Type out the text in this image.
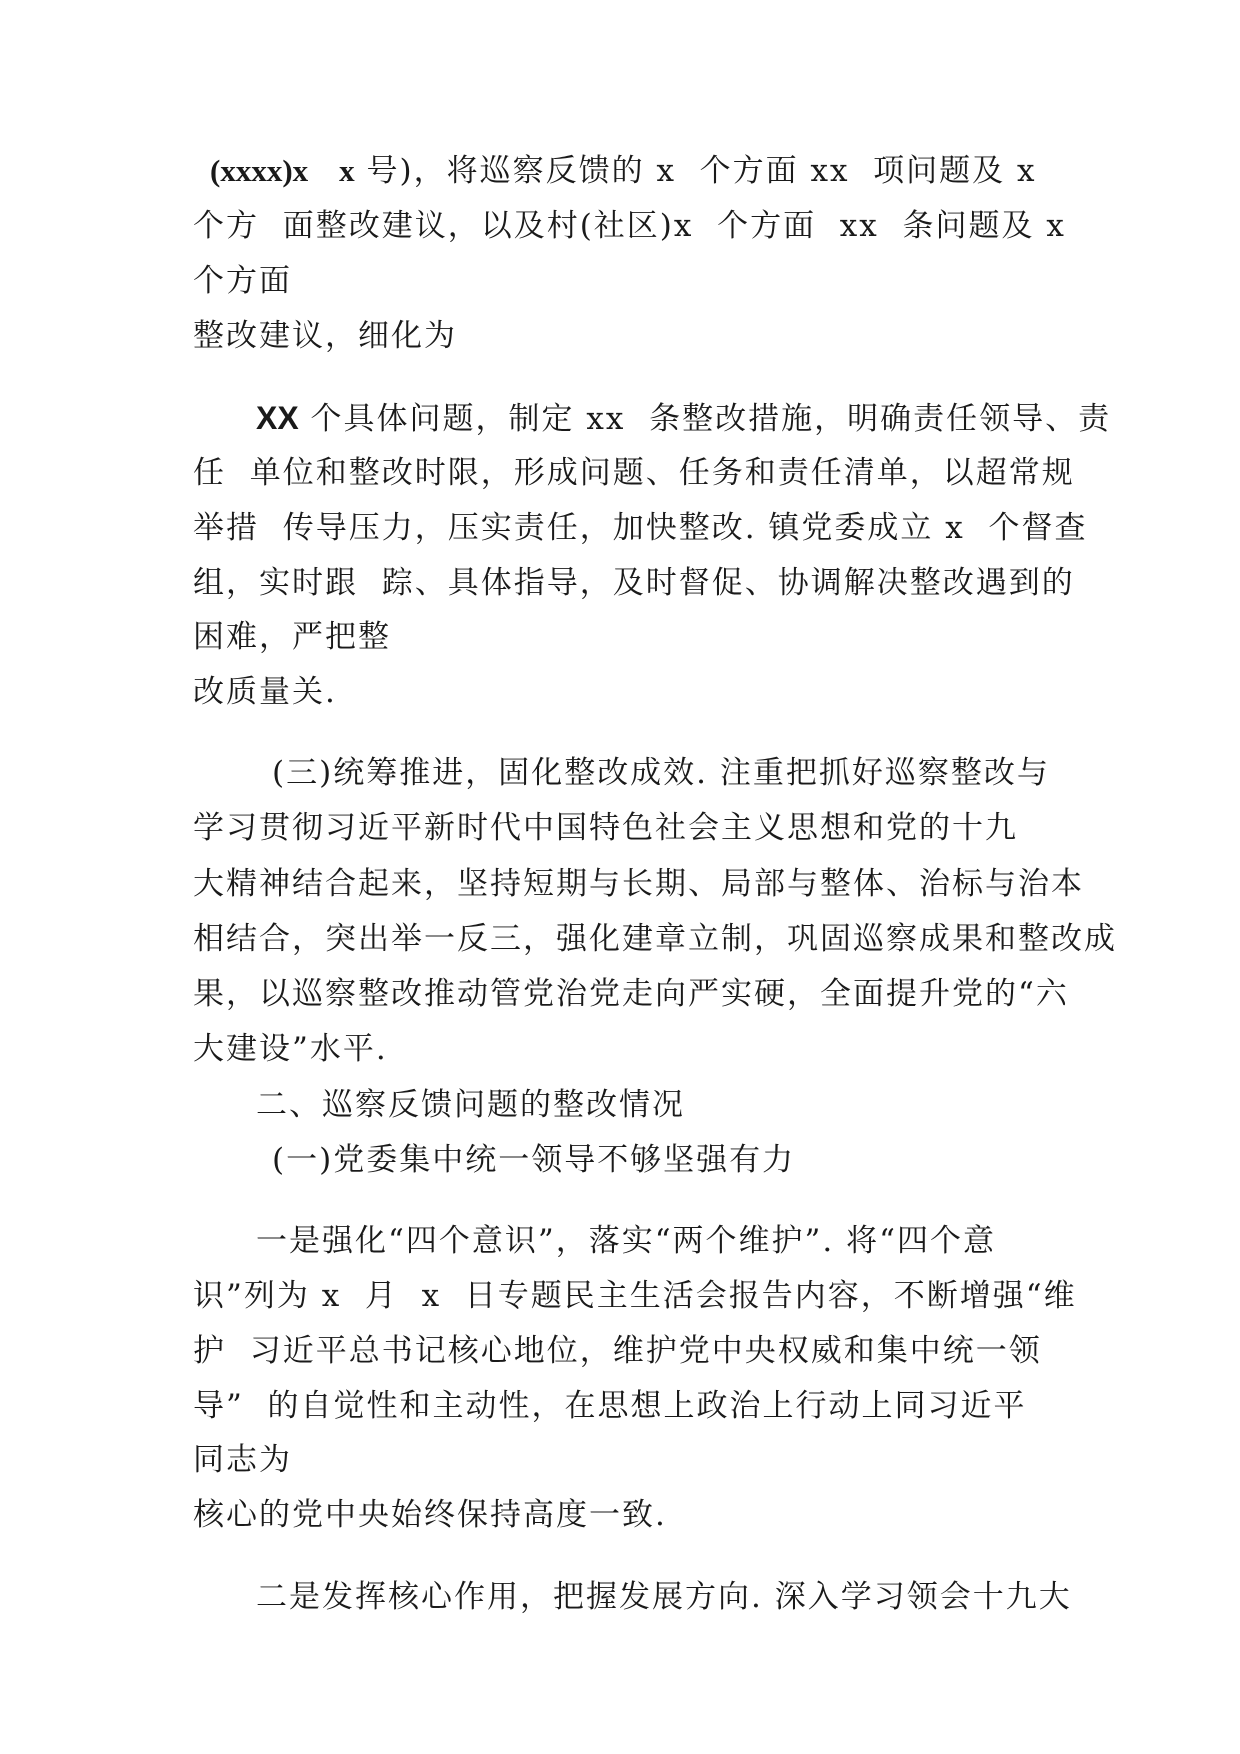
(xxxx)x　x 号)，将巡察反馈的 x  个方面 xx  项问题及 x
个方  面整改建议，以及村(社区)x  个方面  xx  条问题及 x
个方面
整改建议，细化为
XX 个具体问题，制定 xx  条整改措施，明确责任领导、责
任  单位和整改时限，形成问题、任务和责任清单，以超常规
举措  传导压力，压实责任，加快整改. 镇党委成立 x  个督查
组，实时跟  踪、具体指导，及时督促、协调解决整改遇到的
困难，严把整
改质量关.
(三)统筹推进，固化整改成效. 注重把抓好巡察整改与
学习贯彻习近平新时代中国特色社会主义思想和党的十九
大精神结合起来，坚持短期与长期、局部与整体、治标与治本
相结合，突出举一反三，强化建章立制，巩固巡察成果和整改成
果，以巡察整改推动管党治党走向严实硬，全面提升党的“六
大建设”水平.
二、巡察反馈问题的整改情况
(一)党委集中统一领导不够坚强有力
一是强化“四个意识”，落实“两个维护”. 将“四个意
识”列为 x  月  x  日专题民主生活会报告内容，不断增强“维
护  习近平总书记核心地位，维护党中央权威和集中统一领
导”  的自觉性和主动性，在思想上政治上行动上同习近平
同志为
核心的党中央始终保持高度一致.
二是发挥核心作用，把握发展方向. 深入学习领会十九大
